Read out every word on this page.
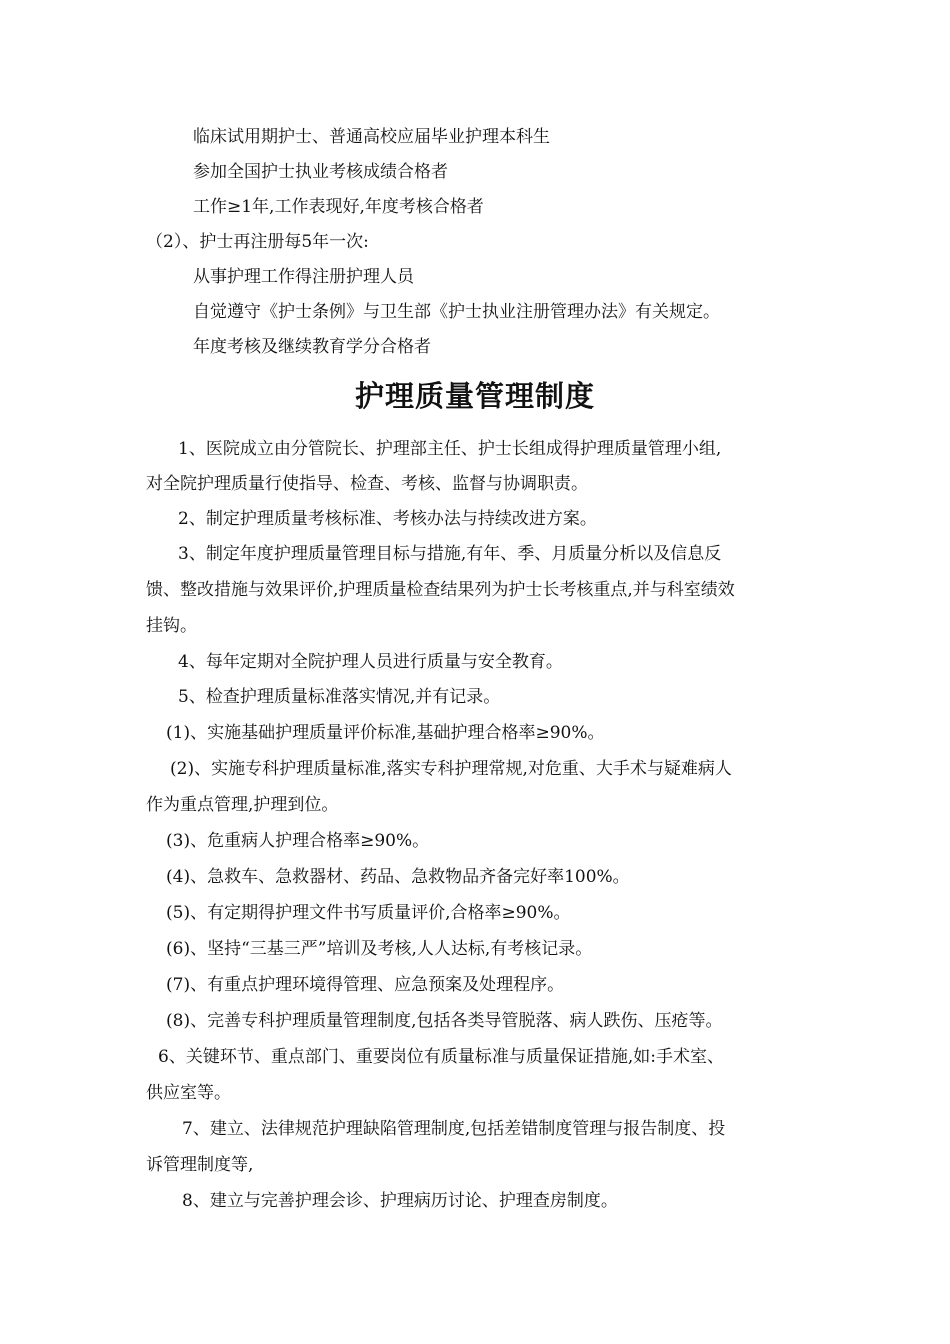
临床试用期护士、普通高校应届毕业护理本科生
参加全国护士执业考核成绩合格者
工作≥1年,工作表现好,年度考核合格者
（2）、护士再注册每5年一次:
从事护理工作得注册护理人员
自觉遵守《护士条例》与卫生部《护士执业注册管理办法》有关规定。
年度考核及继续教育学分合格者
护理质量管理制度
1、医院成立由分管院长、护理部主任、护士长组成得护理质量管理小组,
对全院护理质量行使指导、检查、考核、监督与协调职责。
2、制定护理质量考核标准、考核办法与持续改进方案。
3、制定年度护理质量管理目标与措施,有年、季、月质量分析以及信息反
馈、整改措施与效果评价,护理质量检查结果列为护士长考核重点,并与科室绩效
挂钩。
4、每年定期对全院护理人员进行质量与安全教育。
5、检查护理质量标准落实情况,并有记录。
(1)、实施基础护理质量评价标准,基础护理合格率≥90%。
(2)、实施专科护理质量标准,落实专科护理常规,对危重、大手术与疑难病人
作为重点管理,护理到位。
(3)、危重病人护理合格率≥90%。
(4)、急救车、急救器材、药品、急救物品齐备完好率100%。
(5)、有定期得护理文件书写质量评价,合格率≥90%。
(6)、坚持“三基三严”培训及考核,人人达标,有考核记录。
(7)、有重点护理环境得管理、应急预案及处理程序。
(8)、完善专科护理质量管理制度,包括各类导管脱落、病人跌伤、压疮等。
6、关键环节、重点部门、重要岗位有质量标准与质量保证措施,如:手术室、
供应室等。
7、建立、法律规范护理缺陷管理制度,包括差错制度管理与报告制度、投
诉管理制度等,
8、建立与完善护理会诊、护理病历讨论、护理查房制度。
